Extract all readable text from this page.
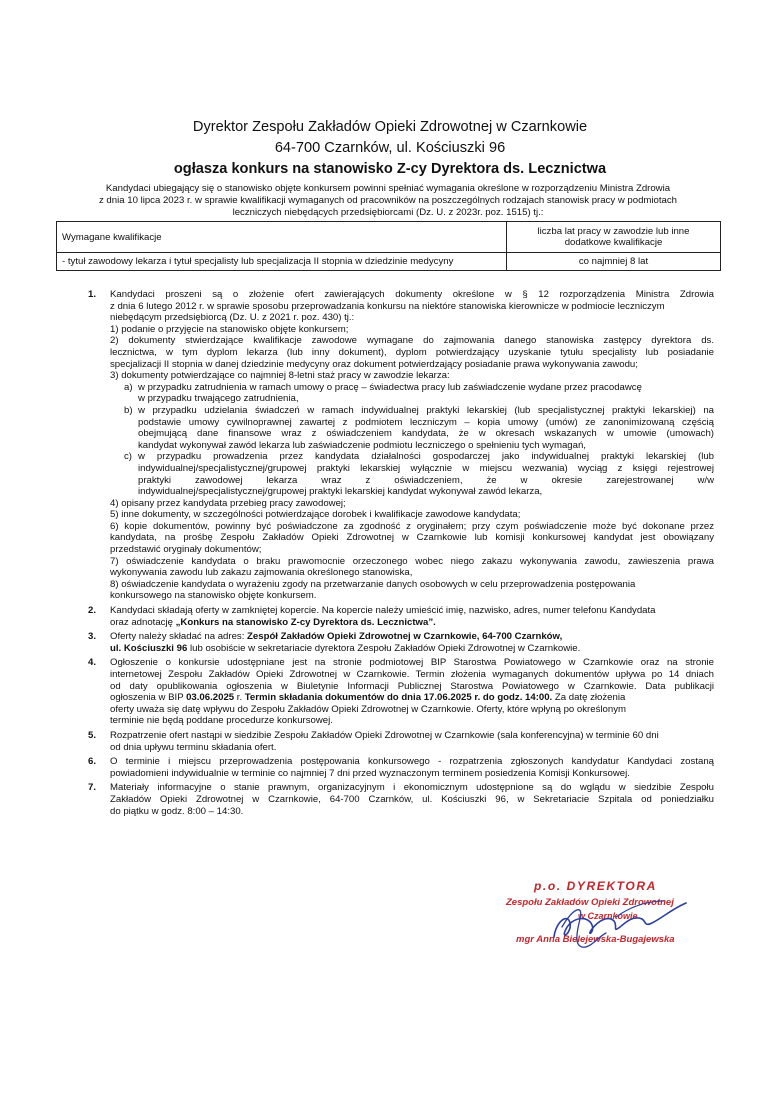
Dyrektor Zespołu Zakładów Opieki Zdrowotnej w Czarnkowie
64-700 Czarnków, ul. Kościuszki 96
ogłasza konkurs na stanowisko Z-cy Dyrektora ds. Lecznictwa
Kandydaci ubiegający się o stanowisko objęte konkursem powinni spełniać wymagania określone w rozporządzeniu Ministra Zdrowia
z dnia 10 lipca 2023 r. w sprawie kwalifikacji wymaganych od pracowników na poszczególnych rodzajach stanowisk pracy w podmiotach
leczniczych niebędących przedsiębiorcami (Dz. U. z 2023r. poz. 1515) tj.:
Wymagane kwalifikacje	liczba lat pracy w zawodzie lub inne
dodatkowe kwalifikacje

- tytuł zawodowy lekarza i tytuł specjalisty lub specjalizacja II stopnia w dziedzinie medycyny	co najmniej 8 lat
1. Kandydaci proszeni są o złożenie ofert zawierających dokumenty określone w § 12 rozporządzenia Ministra Zdrowia
z dnia 6 lutego 2012 r. w sprawie sposobu przeprowadzania konkursu na niektóre stanowiska kierownicze w podmiocie leczniczym
niebędącym przedsiębiorcą (Dz. U. z 2021 r. poz. 430) tj.:
1) podanie o przyjęcie na stanowisko objęte konkursem;
2) dokumenty stwierdzające kwalifikacje zawodowe wymagane do zajmowania danego stanowiska zastępcy dyrektora ds.
lecznictwa, w tym dyplom lekarza (lub inny dokument), dyplom potwierdzający uzyskanie tytułu specjalisty lub posiadanie
specjalizacji II stopnia w danej dziedzinie medycyny oraz dokument potwierdzający posiadanie prawa wykonywania zawodu;
3) dokumenty potwierdzające co najmniej 8-letni staż pracy w zawodzie lekarza:
a) w przypadku zatrudnienia w ramach umowy o pracę – świadectwa pracy lub zaświadczenie wydane przez pracodawcę
w przypadku trwającego zatrudnienia,
b) w przypadku udzielania świadczeń w ramach indywidualnej praktyki lekarskiej (lub specjalistycznej praktyki lekarskiej) na
podstawie umowy cywilnoprawnej zawartej z podmiotem leczniczym – kopia umowy (umów) ze zanonimizowaną częścią
obejmującą dane finansowe wraz z oświadczeniem kandydata, że w okresach wskazanych w umowie (umowach)
kandydat wykonywał zawód lekarza lub zaświadczenie podmiotu leczniczego o spełnieniu tych wymagań,
c) w przypadku prowadzenia przez kandydata działalności gospodarczej jako indywidualnej praktyki lekarskiej (lub
indywidualnej/specjalistycznej/grupowej praktyki lekarskiej wyłącznie w miejscu wezwania) wyciąg z księgi rejestrowej
praktyki zawodowej lekarza wraz z oświadczeniem, że w okresie zarejestrowanej w/w
indywidualnej/specjalistycznej/grupowej praktyki lekarskiej kandydat wykonywał zawód lekarza,
4) opisany przez kandydata przebieg pracy zawodowej;
5) inne dokumenty, w szczególności potwierdzające dorobek i kwalifikacje zawodowe kandydata;
6) kopie dokumentów, powinny być poświadczone za zgodność z oryginałem; przy czym poświadczenie może być dokonane przez
kandydata, na prośbę Zespołu Zakładów Opieki Zdrowotnej w Czarnkowie lub komisji konkursowej kandydat jest obowiązany
przedstawić oryginały dokumentów;
7) oświadczenie kandydata o braku prawomocnie orzeczonego wobec niego zakazu wykonywania zawodu, zawieszenia prawa
wykonywania zawodu lub zakazu zajmowania określonego stanowiska,
8) oświadczenie kandydata o wyrażeniu zgody na przetwarzanie danych osobowych w celu przeprowadzenia postępowania
konkursowego na stanowisko objęte konkursem.
2. Kandydaci składają oferty w zamkniętej kopercie. Na kopercie należy umieścić imię, nazwisko, adres, numer telefonu Kandydata
oraz adnotację „Konkurs na stanowisko Z-cy Dyrektora ds. Lecznictwa”.
3. Oferty należy składać na adres: Zespół Zakładów Opieki Zdrowotnej w Czarnkowie, 64-700 Czarnków,
ul. Kościuszki 96 lub osobiście w sekretariacie dyrektora Zespołu Zakładów Opieki Zdrowotnej w Czarnkowie.
4. Ogłoszenie o konkursie udostępniane jest na stronie podmiotowej BIP Starostwa Powiatowego w Czarnkowie oraz na stronie
internetowej Zespołu Zakładów Opieki Zdrowotnej w Czarnkowie. Termin złożenia wymaganych dokumentów upływa po 14 dniach
od daty opublikowania ogłoszenia w Biuletynie Informacji Publicznej Starostwa Powiatowego w Czarnkowie. Data publikacji
ogłoszenia w BIP 03.06.2025 r. Termin składania dokumentów do dnia 17.06.2025 r. do godz. 14:00. Za datę złożenia
oferty uważa się datę wpływu do Zespołu Zakładów Opieki Zdrowotnej w Czarnkowie. Oferty, które wpłyną po określonym
terminie nie będą poddane procedurze konkursowej.
5. Rozpatrzenie ofert nastąpi w siedzibie Zespołu Zakładów Opieki Zdrowotnej w Czarnkowie (sala konferencyjna) w terminie 60 dni
od dnia upływu terminu składania ofert.
6. O terminie i miejscu przeprowadzenia postępowania konkursowego - rozpatrzenia zgłoszonych kandydatur Kandydaci zostaną
powiadomieni indywidualnie w terminie co najmniej 7 dni przed wyznaczonym terminem posiedzenia Komisji Konkursowej.
7. Materiały informacyjne o stanie prawnym, organizacyjnym i ekonomicznym udostępnione są do wglądu w siedzibie Zespołu
Zakładów Opieki Zdrowotnej w Czarnkowie, 64-700 Czarnków, ul. Kościuszki 96, w Sekretariacie Szpitala od poniedziałku
do piątku w godz. 8:00 – 14:30.
p.o. DYREKTORA
Zespołu Zakładów Opieki Zdrowotnej
w Czarnkowie
mgr Anna Bielejewska-Bugajewska
